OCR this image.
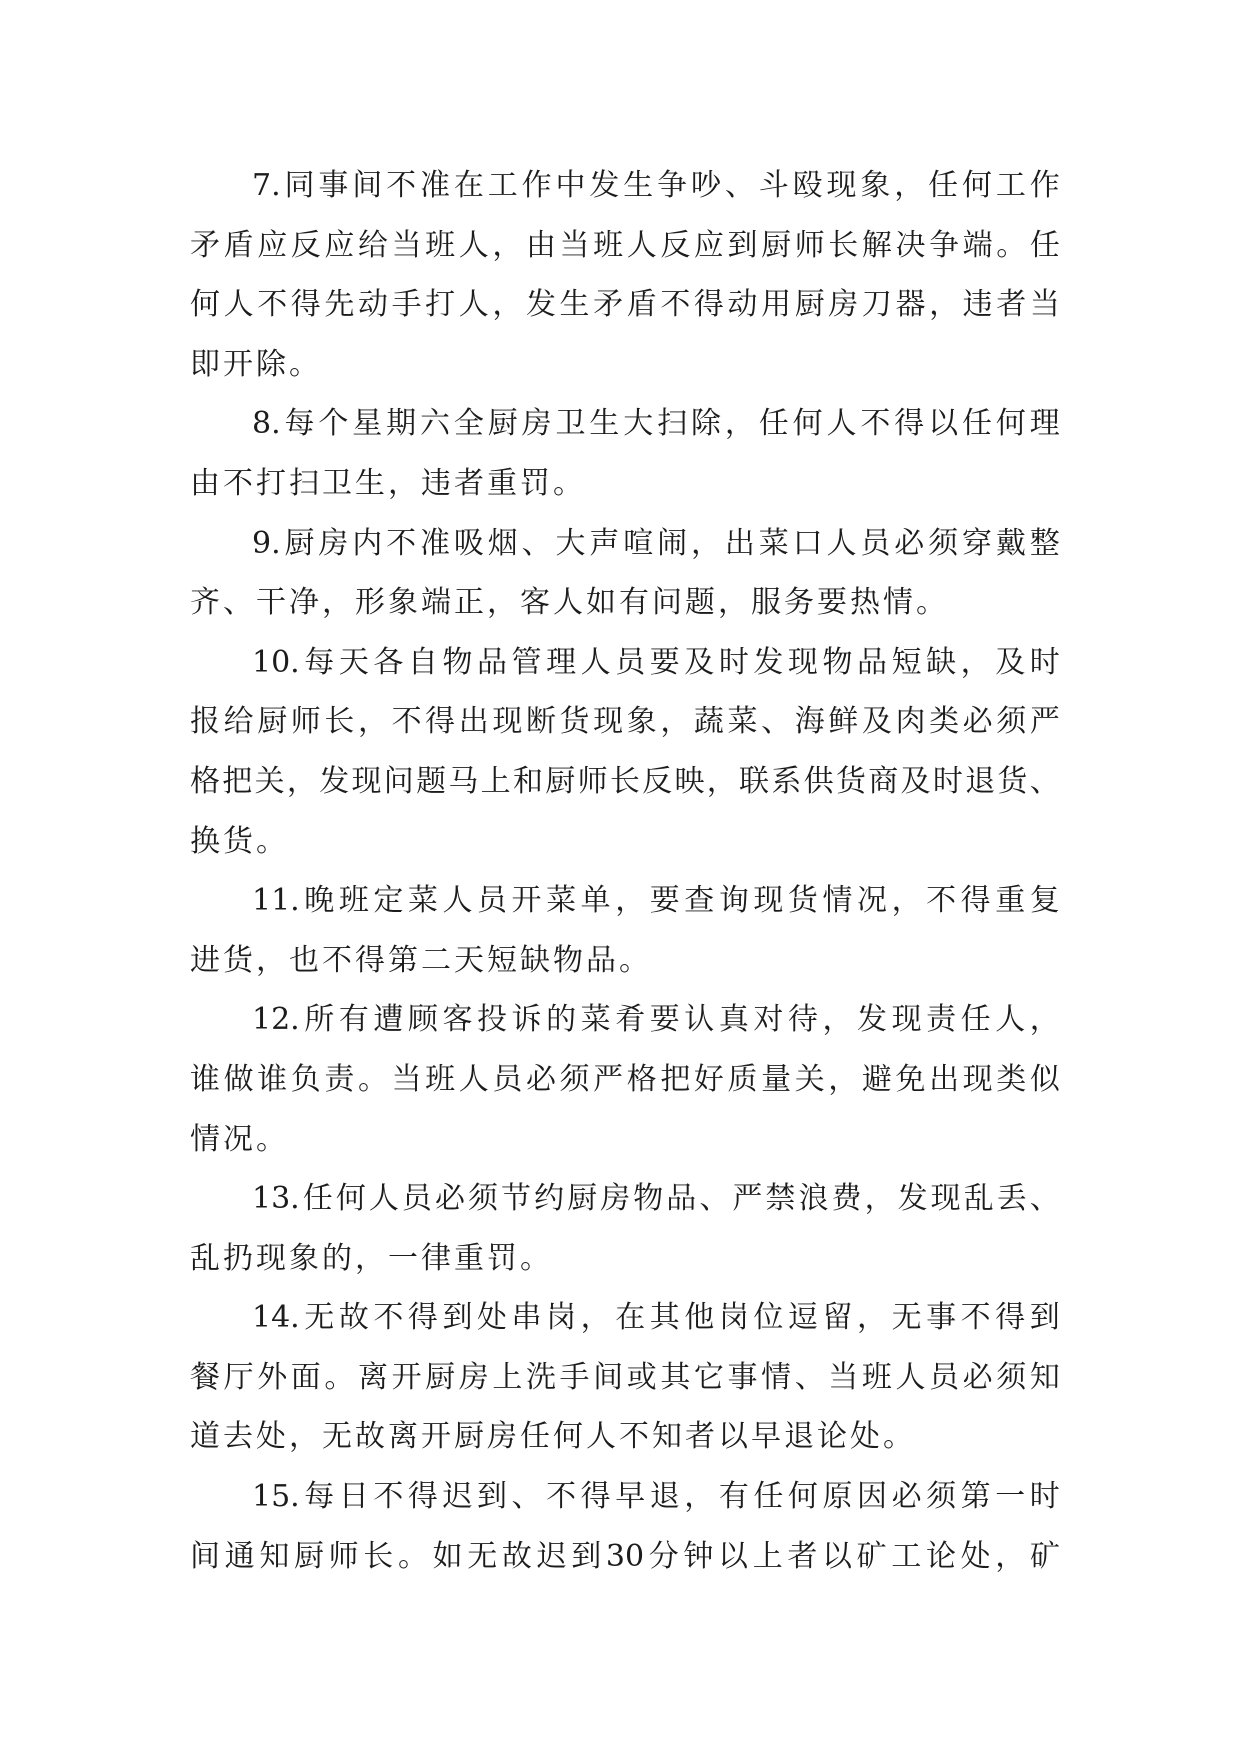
7. 同 事 间 不 准 在 工 作 中 发 生 争 吵 、 斗 殴 现 象 ， 任 何 工 作
矛 盾 应 反 应 给 当 班 人 ， 由 当 班 人 反 应 到 厨 师 长 解 决 争 端 。 任
何 人 不 得 先 动 手 打 人 ， 发 生 矛 盾 不 得 动 用 厨 房 刀 器 ， 违 者 当
即开除。
8. 每 个 星 期 六 全 厨 房 卫 生 大 扫 除 ， 任 何 人 不 得 以 任 何 理
由不打扫卫生，违者重罚。
9. 厨 房 内 不 准 吸 烟 、 大 声 喧 闹 ， 出 菜 口 人 员 必 须 穿 戴 整
齐、干净，形象端正，客人如有问题，服务要热情。
10. 每 天 各 自 物 品 管 理 人 员 要 及 时 发 现 物 品 短 缺 ， 及 时
报 给 厨 师 长 ， 不 得 出 现 断 货 现 象 ， 蔬 菜 、 海 鲜 及 肉 类 必 须 严
格 把 关 ， 发 现 问 题 马 上 和 厨 师 长 反 映 ， 联 系 供 货 商 及 时 退 货 、
换货。
11. 晚 班 定 菜 人 员 开 菜 单 ， 要 查 询 现 货 情 况 ， 不 得 重 复
进货，也不得第二天短缺物品。
12. 所 有 遭 顾 客 投 诉 的 菜 肴 要 认 真 对 待 ， 发 现 责 任 人 ，
谁 做 谁 负 责 。 当 班 人 员 必 须 严 格 把 好 质 量 关 ， 避 免 出 现 类 似
情况。
13. 任 何 人 员 必 须 节 约 厨 房 物 品 、 严 禁 浪 费 ， 发 现 乱 丢 、
乱扔现象的，一律重罚。
14. 无 故 不 得 到 处 串 岗 ， 在 其 他 岗 位 逗 留 ， 无 事 不 得 到
餐 厅 外 面 。 离 开 厨 房 上 洗 手 间 或 其 它 事 情 、 当 班 人 员 必 须 知
道去处，无故离开厨房任何人不知者以早退论处。
15. 每 日 不 得 迟 到 、 不 得 早 退 ， 有 任 何 原 因 必 须 第 一 时
间 通 知 厨 师 长 。 如 无 故 迟 到 30 分 钟 以 上 者 以 矿 工 论 处 ， 矿
